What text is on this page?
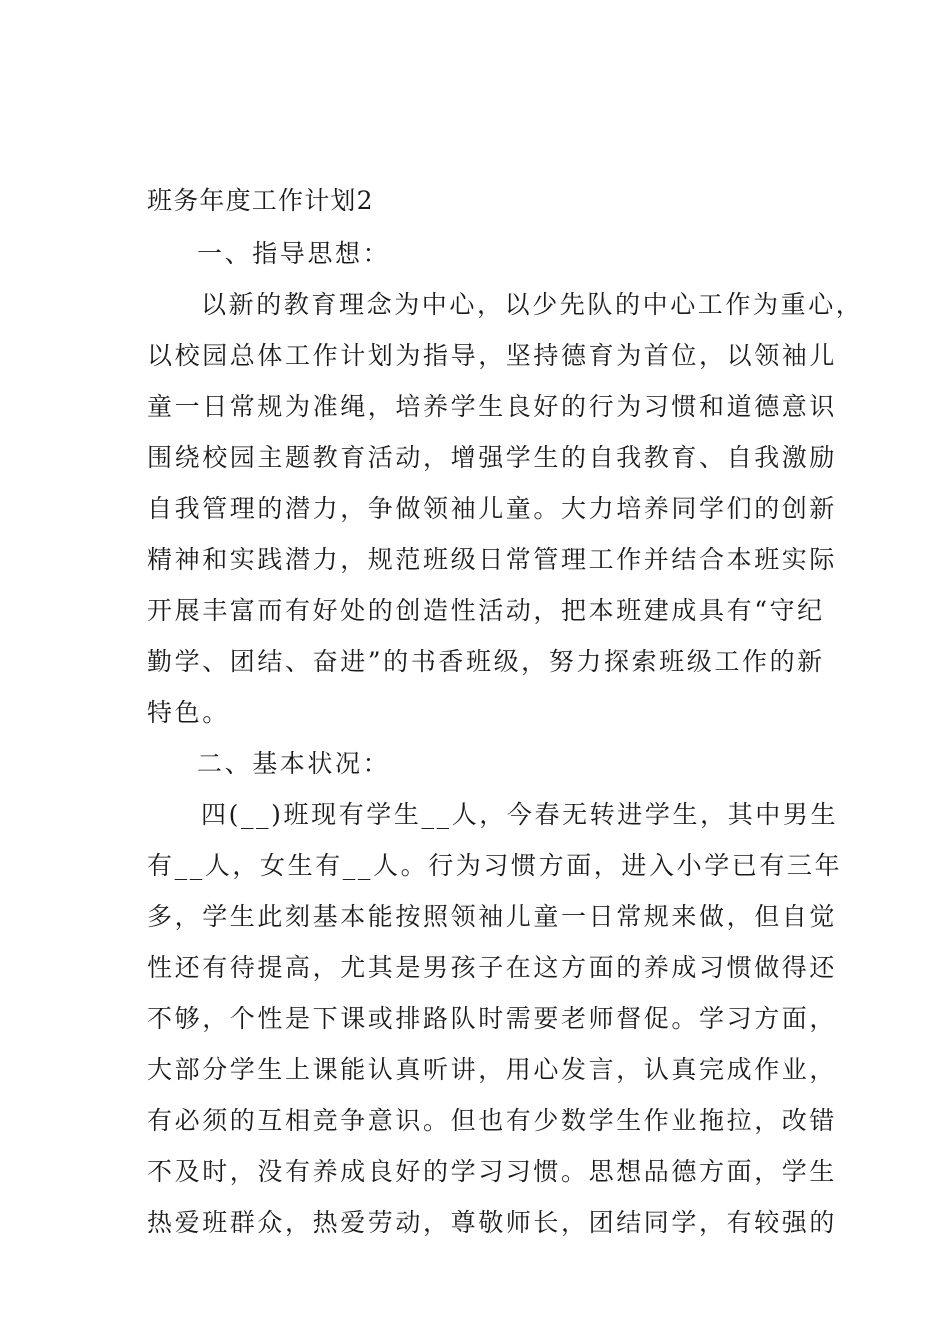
班务年度工作计划2
一、指导思想：
以新的教育理念为中心，以少先队的中心工作为重心，
以校园总体工作计划为指导，坚持德育为首位，以领袖儿
童一日常规为准绳，培养学生良好的行为习惯和道德意识
围绕校园主题教育活动，增强学生的自我教育、自我激励
自我管理的潜力，争做领袖儿童。大力培养同学们的创新
精神和实践潜力，规范班级日常管理工作并结合本班实际
开展丰富而有好处的创造性活动，把本班建成具有“守纪
勤学、团结、奋进”的书香班级，努力探索班级工作的新
特色。
二、基本状况：
四(__)班现有学生__人，今春无转进学生，其中男生
有__人，女生有__人。行为习惯方面，进入小学已有三年
多，学生此刻基本能按照领袖儿童一日常规来做，但自觉
性还有待提高，尤其是男孩子在这方面的养成习惯做得还
不够，个性是下课或排路队时需要老师督促。学习方面，
大部分学生上课能认真听讲，用心发言，认真完成作业，
有必须的互相竞争意识。但也有少数学生作业拖拉，改错
不及时，没有养成良好的学习习惯。思想品德方面，学生
热爱班群众，热爱劳动，尊敬师长，团结同学，有较强的
